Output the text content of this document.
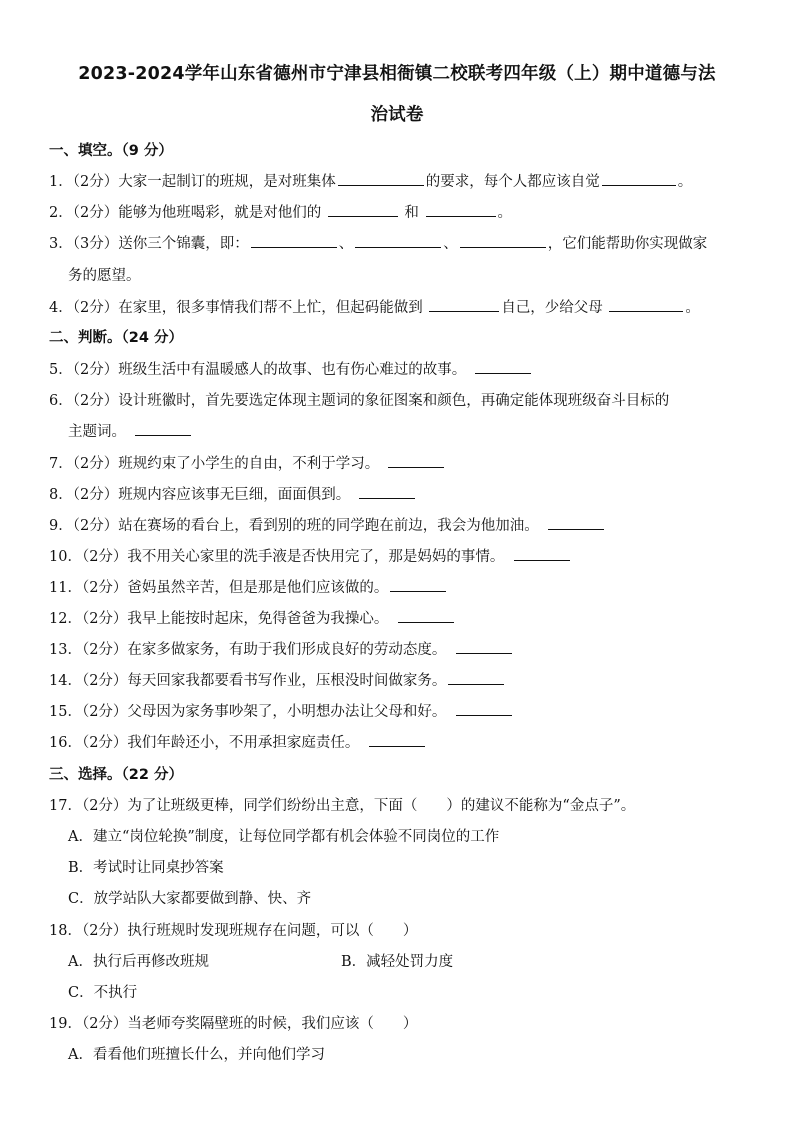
2023-2024学年山东省德州市宁津县相衙镇二校联考四年级（上）期中道德与法
治试卷
一、填空。（9 分）
1．（2分）大家一起制订的班规，是对班集体	的要求，每个人都应该自觉	。
2．（2分）能够为他班喝彩，就是对他们的	和	。
3．（3分）送你三个锦囊，即：	、	、	，它们能帮助你实现做家
务的愿望。
4．（2分）在家里，很多事情我们帮不上忙，但起码能做到	自己，少给父母	。
二、判断。（24 分）
5．（2分）班级生活中有温暖感人的故事、也有伤心难过的故事。　
6．（2分）设计班徽时，首先要选定体现主题词的象征图案和颜色，再确定能体现班级奋斗目标的
主题词。　
7．（2分）班规约束了小学生的自由，不利于学习。　
8．（2分）班规内容应该事无巨细，面面俱到。　
9．（2分）站在赛场的看台上，看到别的班的同学跑在前边，我会为他加油。　
10．（2分）我不用关心家里的洗手液是否快用完了，那是妈妈的事情。　
11．（2分）爸妈虽然辛苦，但是那是他们应该做的。
12．（2分）我早上能按时起床，免得爸爸为我操心。　
13．（2分）在家多做家务，有助于我们形成良好的劳动态度。　
14．（2分）每天回家我都要看书写作业，压根没时间做家务。
15．（2分）父母因为家务事吵架了，小明想办法让父母和好。　
16．（2分）我们年龄还小，不用承担家庭责任。　
三、选择。（22 分）
17．（2分）为了让班级更棒，同学们纷纷出主意，下面（　　）的建议不能称为“金点子”。
A．建立“岗位轮换”制度，让每位同学都有机会体验不同岗位的工作
B．考试时让同桌抄答案
C．放学站队大家都要做到静、快、齐
18．（2分）执行班规时发现班规存在问题，可以（　　）
A．执行后再修改班规	B．减轻处罚力度
C．不执行
19．（2分）当老师夸奖隔壁班的时候，我们应该（　　）
A．看看他们班擅长什么，并向他们学习
